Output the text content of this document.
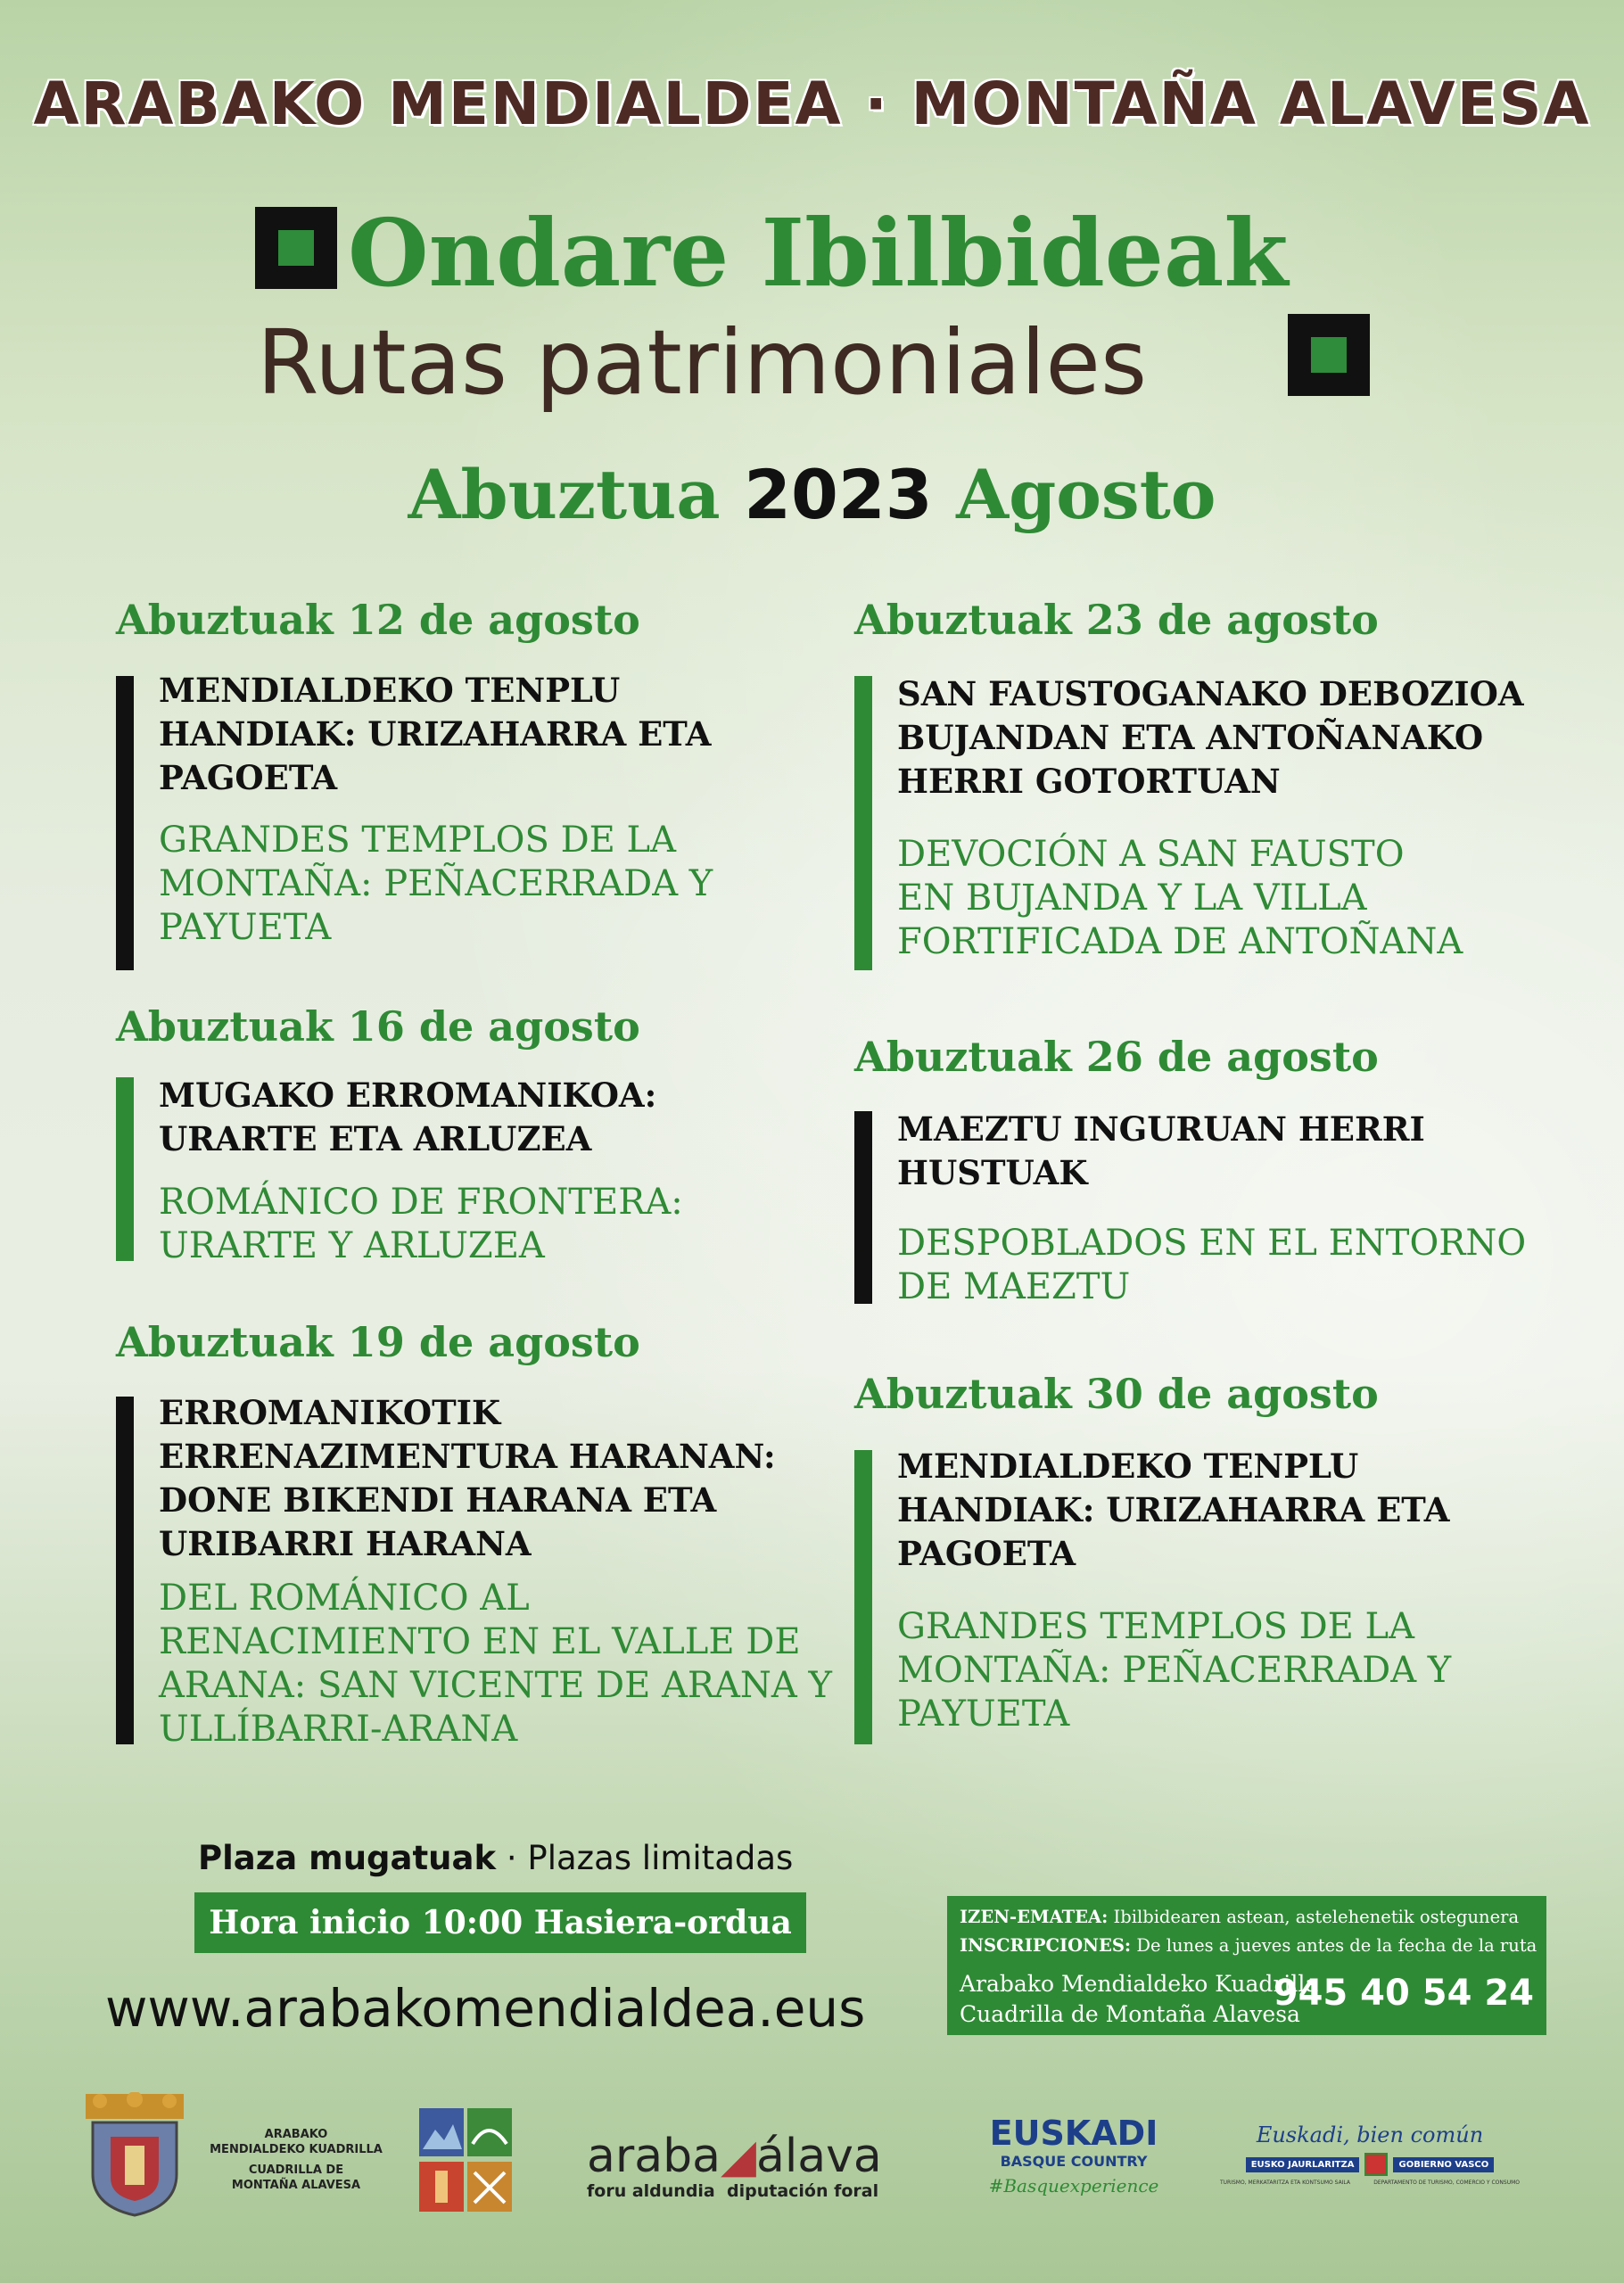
ARABAKO MENDIALDEA · MONTAÑA ALAVESA
Ondare Ibilbideak
Rutas patrimoniales
Abuztua 2023 Agosto
Abuztuak 12 de agosto
MENDIALDEKO TENPLU
HANDIAK: URIZAHARRA ETA
PAGOETA
GRANDES TEMPLOS DE LA
MONTAÑA: PEÑACERRADA Y
PAYUETA
Abuztuak 16 de agosto
MUGAKO ERROMANIKOA:
URARTE ETA ARLUZEA
ROMÁNICO DE FRONTERA:
URARTE Y ARLUZEA
Abuztuak 19 de agosto
ERROMANIKOTIK
ERRENAZIMENTURA HARANAN:
DONE BIKENDI HARANA ETA
URIBARRI HARANA
DEL ROMÁNICO AL
RENACIMIENTO EN EL VALLE DE
ARANA: SAN VICENTE DE ARANA Y
ULLÍBARRI-ARANA
Abuztuak 23 de agosto
SAN FAUSTOGANAKO DEBOZIOA
BUJANDAN ETA ANTOÑANAKO
HERRI GOTORTUAN
DEVOCIÓN A SAN FAUSTO
EN BUJANDA Y LA VILLA
FORTIFICADA DE ANTOÑANA
Abuztuak 26 de agosto
MAEZTU INGURUAN HERRI
HUSTUAK
DESPOBLADOS EN EL ENTORNO
DE MAEZTU
Abuztuak 30 de agosto
MENDIALDEKO TENPLU
HANDIAK: URIZAHARRA ETA
PAGOETA
GRANDES TEMPLOS DE LA
MONTAÑA: PEÑACERRADA Y
PAYUETA
Plaza mugatuak · Plazas limitadas
Hora inicio 10:00 Hasiera-ordua
www.arabakomendialdea.eus
IZEN-EMATEA: Ibilbidearen astean, astelehenetik ostegunera
INSCRIPCIONES: De lunes a jueves antes de la fecha de la ruta
Arabako Mendialdeko Kuadrilla
Cuadrilla de Montaña Alavesa
945 40 54 24
ARABAKO
MENDIALDEKO KUADRILLA
CUADRILLA DE
MONTAÑA ALAVESA
araba◢álava
foru aldundia diputación foral
EUSKADI
BASQUE COUNTRY
#Basquexperience
Euskadi, bien común
EUSKO JAURLARITZA	GOBIERNO VASCO
TURISMO, MERKATARITZA ETA KONTSUMO SAILA	DEPARTAMENTO DE TURISMO, COMERCIO Y CONSUMO
